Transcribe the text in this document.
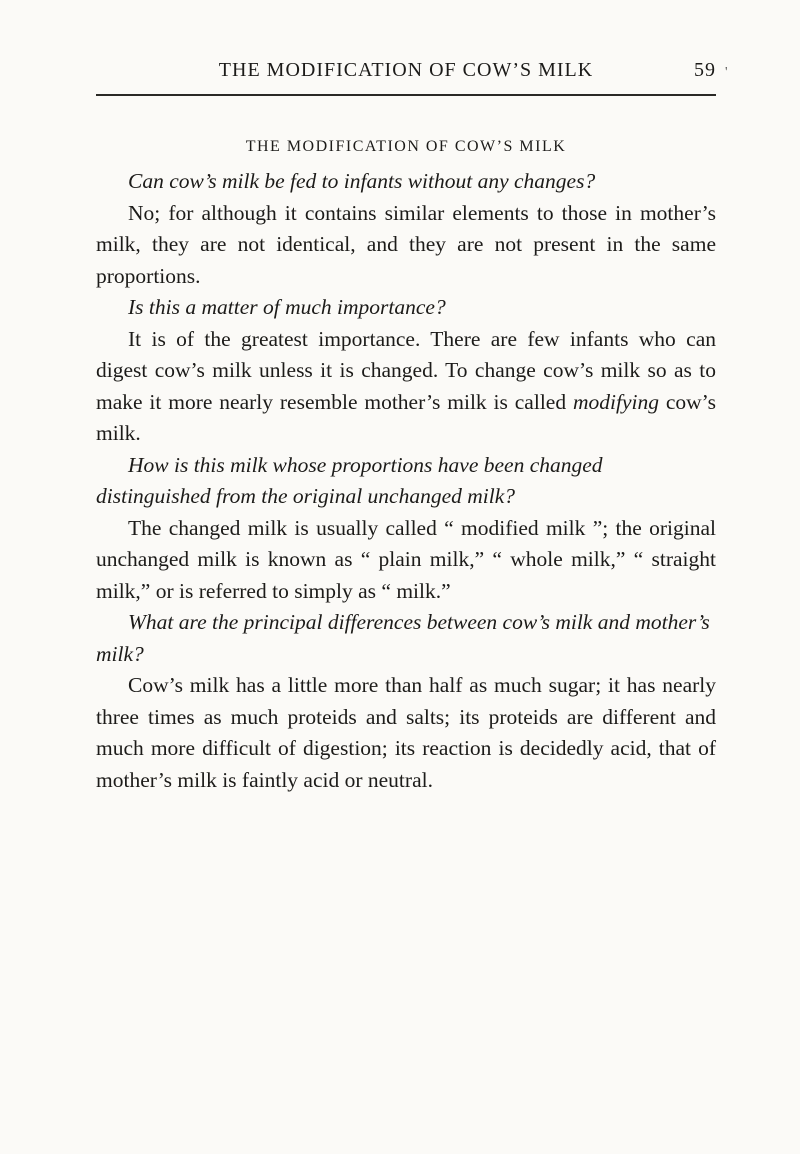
THE MODIFICATION OF COW’S MILK	59
THE MODIFICATION OF COW’S MILK

Can cow’s milk be fed to infants without any changes?

No; for although it contains similar elements to those in mother’s milk, they are not identical, and they are not present in the same proportions.

Is this a matter of much importance?

It is of the greatest importance. There are few infants who can digest cow’s milk unless it is changed. To change cow’s milk so as to make it more nearly resemble mother’s milk is called modifying cow’s milk.

How is this milk whose proportions have been changed distinguished from the original unchanged milk?

The changed milk is usually called “ modified milk ”; the original unchanged milk is known as “ plain milk,” “ whole milk,” “ straight milk,” or is referred to simply as “ milk.”

What are the principal differences between cow’s milk and mother’s milk?

Cow’s milk has a little more than half as much sugar; it has nearly three times as much proteids and salts; its proteids are different and much more difficult of digestion; its reaction is decidedly acid, that of mother’s milk is faintly acid or neutral.

'
